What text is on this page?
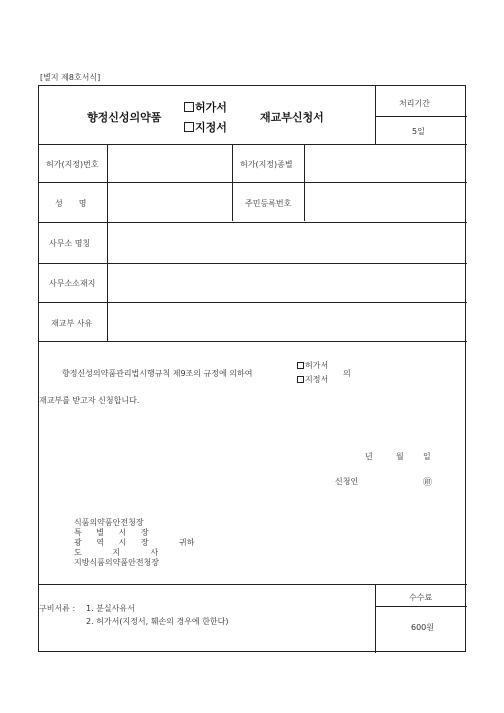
[별지 제8호서식]
향정신성의약품
허가서
지정서
재교부신청서
처리기간
5일
허가(지정)번호	허가(지정)종별
성　　명	주민등록번호
사무소 명칭
사무소소재지
재교부 사유
향정신성의약품관리법시행규칙 제9조의 규정에 의하여
허가서
지정서
의
재교부를 받고자 신청합니다.
년	월 일
신청인	㊞
식품의약품안전청장
특 별 시 장
광 역 시 장	귀하
도 지 사
지방식품의약품안전청장
구비서류 : 1. 분실사유서
2. 허가서(지정서, 훼손의 경우에 한한다)
수수료
600원
